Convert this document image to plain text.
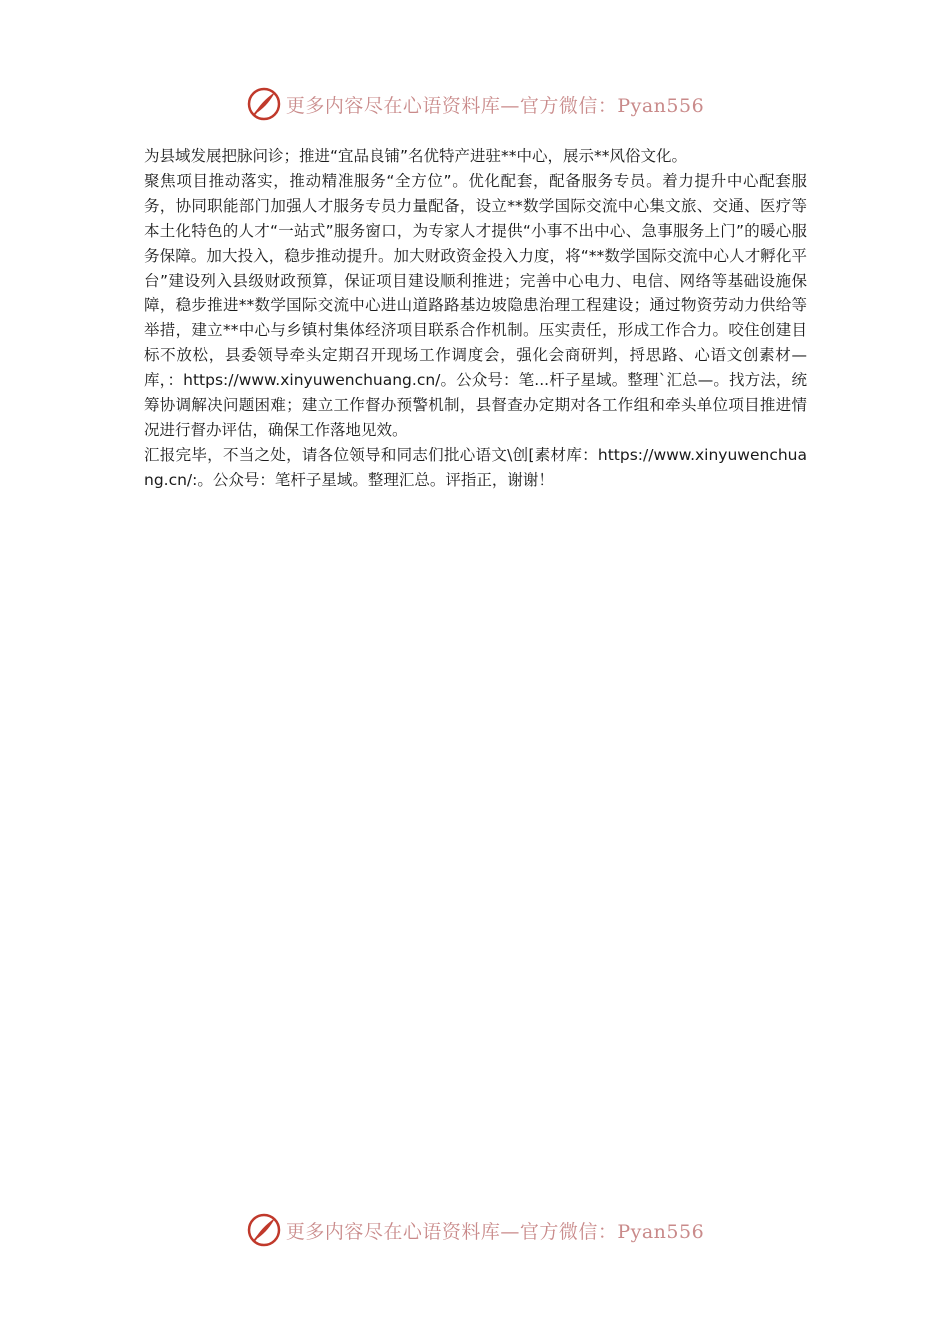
更多内容尽在心语资料库—官方微信：Pyan556

为县域发展把脉问诊；推进“宜品良铺”名优特产进驻**中心，展示**风俗文化。

聚焦项目推动落实，推动精准服务“全方位”。优化配套，配备服务专员。着力提升中心配套服务，协同职能部门加强人才服务专员力量配备，设立**数学国际交流中心集文旅、交通、医疗等本土化特色的人才“一站式”服务窗口，为专家人才提供“小事不出中心、急事服务上门”的暖心服务保障。加大投入，稳步推动提升。加大财政资金投入力度，将“**数学国际交流中心人才孵化平台”建设列入县级财政预算，保证项目建设顺利推进；完善中心电力、电信、网络等基础设施保障，稳步推进**数学国际交流中心进山道路路基边坡隐患治理工程建设；通过物资劳动力供给等举措，建立**中心与乡镇村集体经济项目联系合作机制。压实责任，形成工作合力。咬住创建目标不放松，县委领导牵头定期召开现场工作调度会，强化会商研判，捋思路、心语文创素材—库，：https://www.xinyuwenchuang.cn/。公众号：笔...杆子星域。整理`汇总—。找方法，统筹协调解决问题困难；建立工作督办预警机制，县督查办定期对各工作组和牵头单位项目推进情况进行督办评估，确保工作落地见效。

汇报完毕，不当之处，请各位领导和同志们批心语文\创[素材库：https://www.xinyuwenchuang.cn/:。公众号：笔杆子星域。整理汇总。评指正，谢谢！

更多内容尽在心语资料库—官方微信：Pyan556
